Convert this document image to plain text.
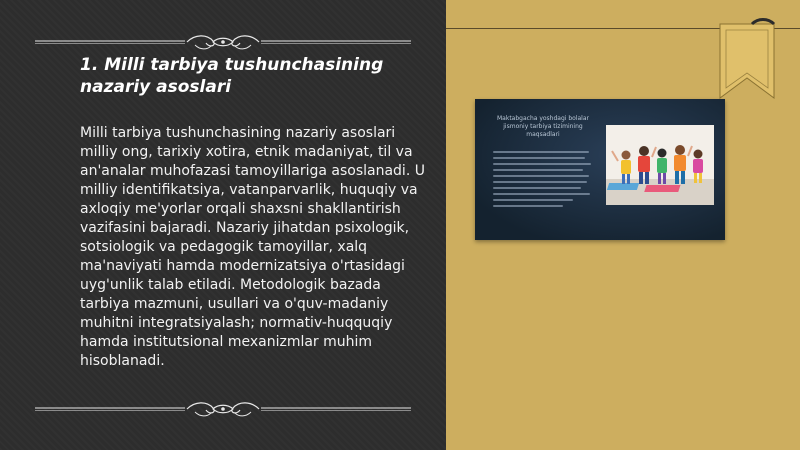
1. Milli tarbiya tushunchasining nazariy asoslari
Milli tarbiya tushunchasining nazariy asoslari milliy ong, tarixiy xotira, etnik madaniyat, til va an'analar muhofazasi tamoyillariga asoslanadi. U milliy identifikatsiya, vatanparvarlik, huquqiy va axloqiy me'yorlar orqali shaxsni shakllantirish vazifasini bajaradi. Nazariy jihatdan psixologik, sotsiologik va pedagogik tamoyillar, xalq ma'naviyati hamda modernizatsiya o'rtasidagi uyg'unlik talab etiladi. Metodologik bazada tarbiya mazmuni, usullari va o'quv-madaniy muhitni integratsiyalash; normativ-huqquqiy hamda institutsional mexanizmlar muhim hisoblanadi.
Maktabgacha yoshdagi bolalar jismoniy tarbiya tizimining maqsadlari
